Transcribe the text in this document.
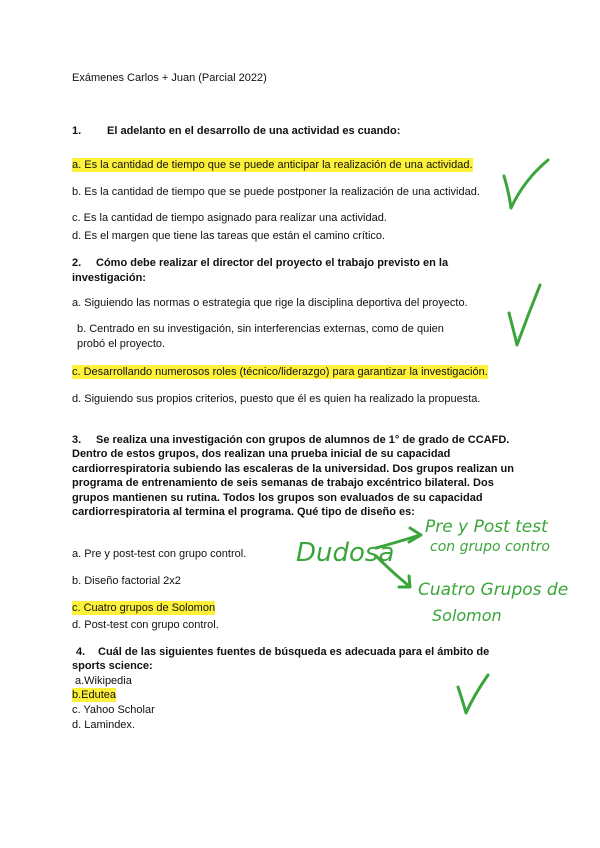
Exámenes Carlos + Juan (Parcial 2022)
1. El adelanto en el desarrollo de una actividad es cuando:
a. Es la cantidad de tiempo que se puede anticipar la realización de una actividad.
b. Es la cantidad de tiempo que se puede postponer la realización de una actividad.
c. Es la cantidad de tiempo asignado para realizar una actividad.
d. Es el margen que tiene las tareas que están el camino crítico.
2. Cómo debe realizar el director del proyecto el trabajo previsto en la
investigación:
a. Siguiendo las normas o estrategia que rige la disciplina deportiva del proyecto.
b. Centrado en su investigación, sin interferencias externas, como de quien
probó el proyecto.
c. Desarrollando numerosos roles (técnico/liderazgo) para garantizar la investigación.
d. Siguiendo sus propios criterios, puesto que él es quien ha realizado la propuesta.
3. Se realiza una investigación con grupos de alumnos de 1° de grado de CCAFD.
Dentro de estos grupos, dos realizan una prueba inicial de su capacidad
cardiorrespiratoria subiendo las escaleras de la universidad. Dos grupos realizan un
programa de entrenamiento de seis semanas de trabajo excéntrico bilateral. Dos
grupos mantienen su rutina. Todos los grupos son evaluados de su capacidad
cardiorrespiratoria al termina el programa. Qué tipo de diseño es:
a. Pre y post-test con grupo control.
b. Diseño factorial 2x2
c. Cuatro grupos de Solomon
d. Post-test con grupo control.
4. Cuál de las siguientes fuentes de búsqueda es adecuada para el ámbito de
sports science:
a.Wikipedia
b.Edutea
c. Yahoo Scholar
d. Lamindex.
Dudosa
Pre y Post test
con grupo contro
Cuatro Grupos de
Solomon
